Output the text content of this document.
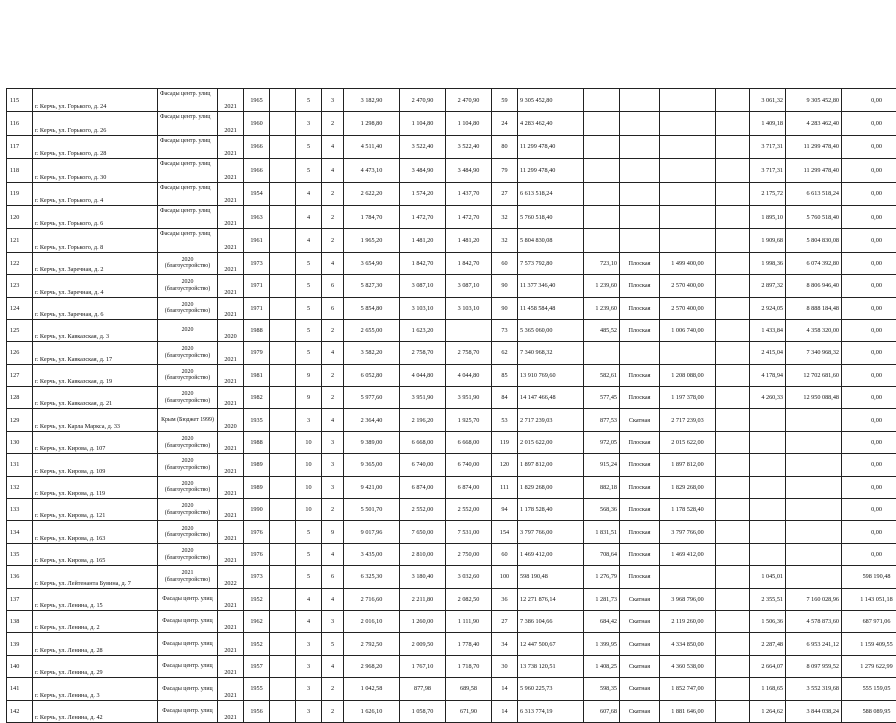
115	г. Керчь, ул. Горького, д. 24	Фасады центр. улиц	2021	1965		5	3	3 182,90	2 470,90	2 470,90	59	9 305 452,80					3 061,32	9 305 452,80	0,00
116	г. Керчь, ул. Горького, д. 26	Фасады центр. улиц	2021	1960		3	2	1 298,80	1 104,80	1 104,80	24	4 283 462,40					1 409,18	4 283 462,40	0,00
117	г. Керчь, ул. Горького, д. 28	Фасады центр. улиц	2021	1966		5	4	4 511,40	3 522,40	3 522,40	80	11 299 478,40					3 717,31	11 299 478,40	0,00
118	г. Керчь, ул. Горького, д. 30	Фасады центр. улиц	2021	1966		5	4	4 473,10	3 484,90	3 484,90	79	11 299 478,40					3 717,31	11 299 478,40	0,00
119	г. Керчь, ул. Горького, д. 4	Фасады центр. улиц	2021	1954		4	2	2 622,20	1 574,20	1 437,70	27	6 613 518,24					2 175,72	6 613 518,24	0,00
120	г. Керчь, ул. Горького, д. 6	Фасады центр. улиц	2021	1963		4	2	1 784,70	1 472,70	1 472,70	32	5 760 518,40					1 895,10	5 760 518,40	0,00
121	г. Керчь, ул. Горького, д. 8	Фасады центр. улиц	2021	1961		4	2	1 965,20	1 481,20	1 481,20	32	5 804 830,08					1 909,68	5 804 830,08	0,00
122	г. Керчь, ул. Заречная, д. 2	2020 (благоустройство)	2021	1973		5	4	3 654,90	1 842,70	1 842,70	60	7 573 792,80	723,10	Плоская	1 499 400,00		1 998,36	6 074 392,80	0,00
123	г. Керчь, ул. Заречная, д. 4	2020 (благоустройство)	2021	1971		5	6	5 827,30	3 087,10	3 087,10	90	11 377 346,40	1 239,60	Плоская	2 570 400,00		2 897,32	8 806 946,40	0,00
124	г. Керчь, ул. Заречная, д. 6	2020 (благоустройство)	2021	1971		5	6	5 854,80	3 103,10	3 103,10	90	11 458 584,48	1 239,60	Плоская	2 570 400,00		2 924,05	8 888 184,48	0,00
125	г. Керчь, ул. Кавказская, д. 3	2020	2020	1988		5	2	2 655,00	1 623,20		73	5 365 060,00	485,52	Плоская	1 006 740,00		1 433,84	4 358 320,00	0,00
126	г. Керчь, ул. Кавказская, д. 17	2020 (благоустройство)	2021	1979		5	4	3 582,20	2 758,70	2 758,70	62	7 340 968,32					2 415,04	7 340 968,32	0,00
127	г. Керчь, ул. Кавказская, д. 19	2020 (благоустройство)	2021	1981		9	2	6 052,80	4 044,80	4 044,80	85	13 910 769,60	582,61	Плоская	1 208 088,00		4 178,94	12 702 681,60	0,00
128	г. Керчь, ул. Кавказская, д. 21	2020 (благоустройство)	2021	1982		9	2	5 977,60	3 951,90	3 951,90	84	14 147 466,48	577,45	Плоская	1 197 378,00		4 260,33	12 950 088,48	0,00
129	г. Керчь, ул. Карла Маркса, д. 33	Крым (Бюджет 1999)	2020	1935		3	4	2 364,40	2 196,20	1 925,70	53	2 717 239,03	877,53	Скатная	2 717 239,03				0,00
130	г. Керчь, ул. Кирова, д. 107	2020 (благоустройство)	2021	1988		10	3	9 389,00	6 668,00	6 668,00	119	2 015 622,00	972,05	Плоская	2 015 622,00				0,00
131	г. Керчь, ул. Кирова, д. 109	2020 (благоустройство)	2021	1989		10	3	9 365,00	6 740,00	6 740,00	120	1 897 812,00	915,24	Плоская	1 897 812,00				0,00
132	г. Керчь, ул. Кирова, д. 119	2020 (благоустройство)	2021	1989		10	3	9 421,00	6 874,00	6 874,00	111	1 829 268,00	882,18	Плоская	1 829 268,00				0,00
133	г. Керчь, ул. Кирова, д. 121	2020 (благоустройство)	2021	1990		10	2	5 501,70	2 552,00	2 552,00	94	1 178 528,40	568,36	Плоская	1 178 528,40				0,00
134	г. Керчь, ул. Кирова, д. 163	2020 (благоустройство)	2021	1976		5	9	9 017,96	7 650,00	7 531,00	154	3 797 766,00	1 831,51	Плоская	3 797 766,00				0,00
135	г. Керчь, ул. Кирова, д. 165	2020 (благоустройство)	2021	1976		5	4	3 435,00	2 810,00	2 750,00	60	1 469 412,00	708,64	Плоская	1 469 412,00				0,00
136	г. Керчь, ул. Лейтенанта Бувина, д. 7	2021 (благоустройство)	2022	1973		5	6	6 325,30	3 180,40	3 032,60	100	598 190,48	1 276,79	Плоская			1 045,01		598 190,48
137	г. Керчь, ул. Ленина, д. 15	Фасады центр. улиц	2021	1952		4	4	2 716,60	2 211,80	2 082,50	36	12 271 876,14	1 281,73	Скатная	3 968 796,00		2 355,51	7 160 028,96	1 143 051,18
138	г. Керчь, ул. Ленина, д. 2	Фасады центр. улиц	2021	1962		4	3	2 016,10	1 260,00	1 111,90	27	7 386 104,66	684,42	Скатная	2 119 260,00		1 506,36	4 578 873,60	687 971,06
139	г. Керчь, ул. Ленина, д. 28	Фасады центр. улиц	2021	1952		3	5	2 792,50	2 009,50	1 778,40	34	12 447 500,67	1 399,95	Скатная	4 334 850,00		2 287,48	6 953 241,12	1 159 409,55
140	г. Керчь, ул. Ленина, д. 29	Фасады центр. улиц	2021	1957		3	4	2 968,20	1 767,10	1 718,70	30	13 738 120,51	1 408,25	Скатная	4 360 538,00		2 664,07	8 097 959,52	1 279 622,99
141	г. Керчь, ул. Ленина, д. 3	Фасады центр. улиц	2021	1955		3	2	1 042,58	877,98	689,58	14	5 960 225,73	598,35	Скатная	1 852 747,00		1 168,65	3 552 319,68	555 159,05
142	г. Керчь, ул. Ленина, д. 42	Фасады центр. улиц	2021	1956		3	2	1 626,10	1 058,70	671,90	14	6 313 774,19	607,68	Скатная	1 881 646,00		1 264,62	3 844 038,24	588 089,95
